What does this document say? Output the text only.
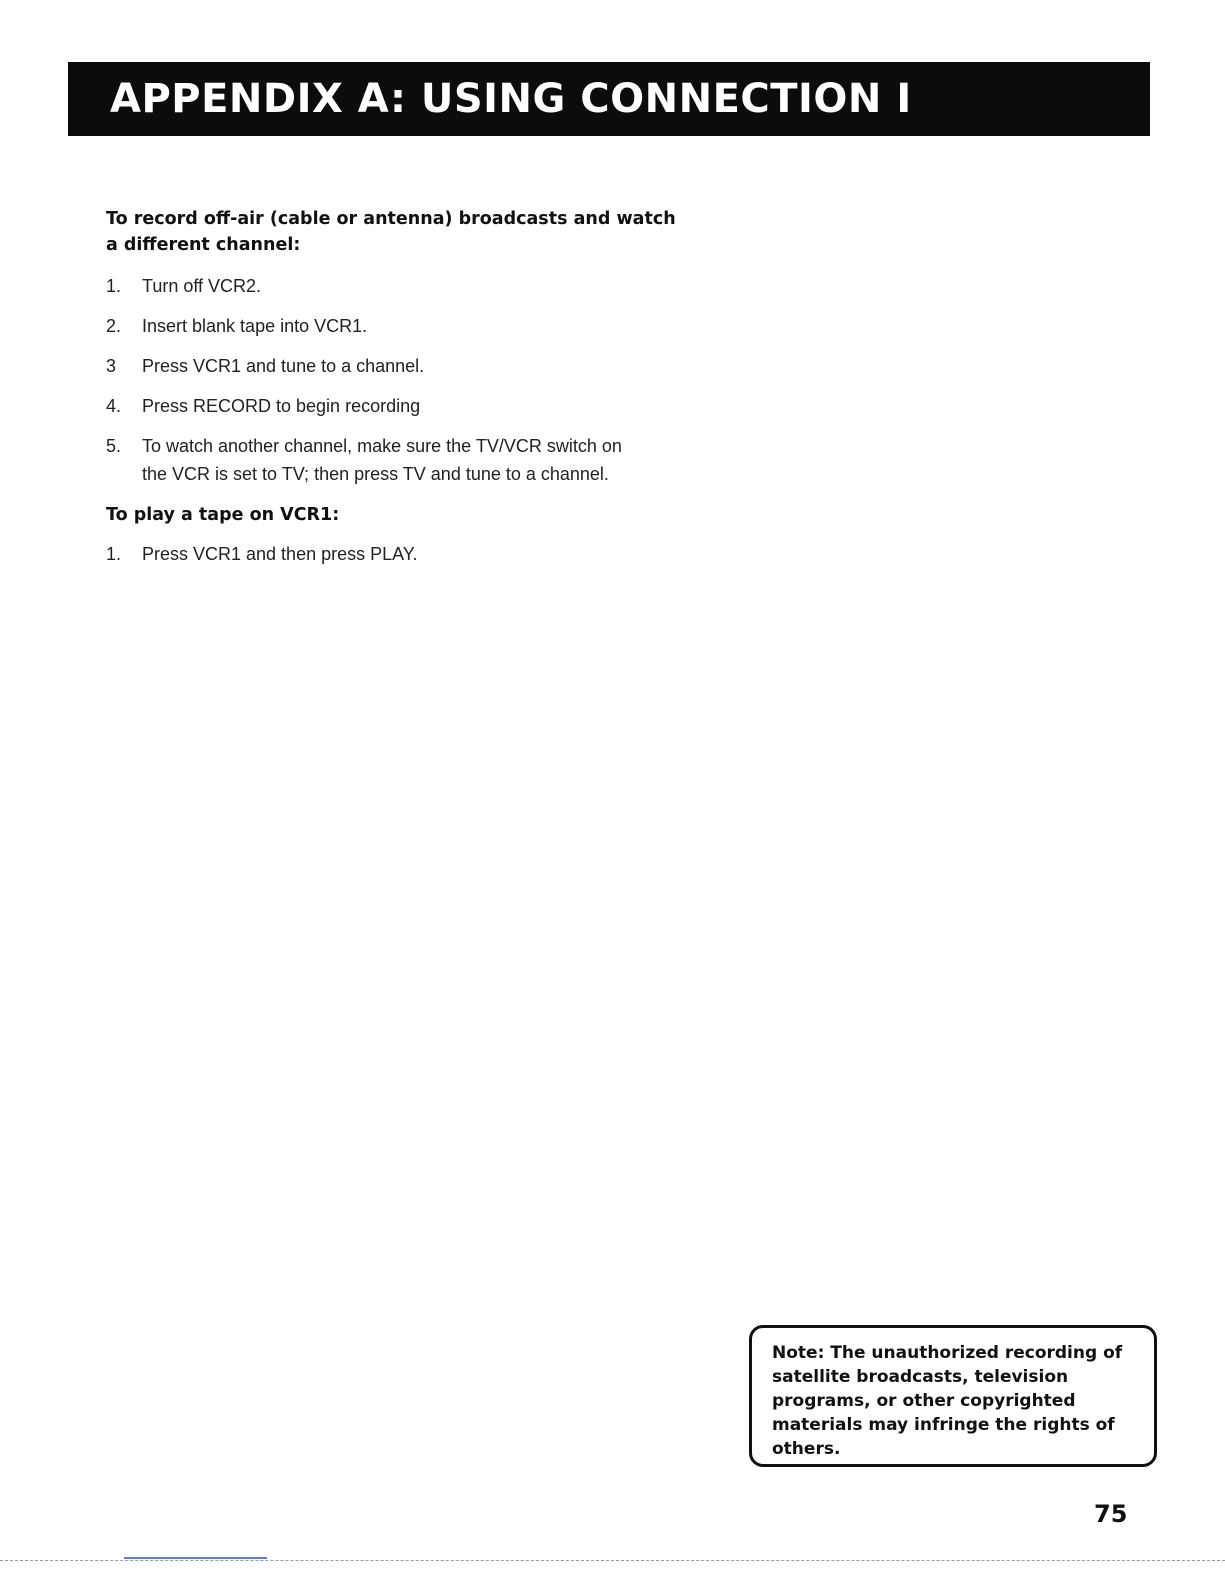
APPENDIX A: USING CONNECTION I

To record off-air (cable or antenna) broadcasts and watch
a different channel:

1.	Turn off VCR2.
2.	Insert blank tape into VCR1.
3	Press VCR1 and tune to a channel.
4.	Press RECORD to begin recording
5.	To watch another channel, make sure the TV/VCR switch on
the VCR is set to TV; then press TV and tune to a channel.

To play a tape on VCR1:

1.	Press VCR1 and then press PLAY.
Note: The unauthorized recording of
satellite broadcasts, television
programs, or other copyrighted
materials may infringe the rights of
others.
75
